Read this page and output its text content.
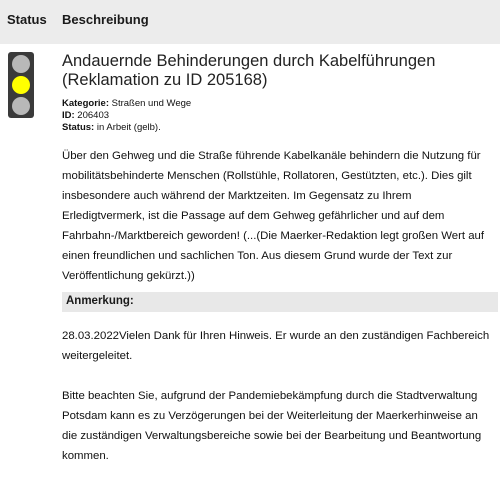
Status Beschreibung
Andauernde Behinderungen durch Kabelführungen (Reklamation zu ID 205168)
Kategorie: Straßen und Wege
ID: 206403
Status: in Arbeit (gelb).
Über den Gehweg und die Straße führende Kabelkanäle behindern die Nutzung für mobilitätsbehinderte Menschen (Rollstühle, Rollatoren, Gestützten, etc.). Dies gilt insbesondere auch während der Marktzeiten. Im Gegensatz zu Ihrem Erledigtvermerk, ist die Passage auf dem Gehweg gefährlicher und auf dem Fahrbahn-/Marktbereich geworden! (...(Die Maerker-Redaktion legt großen Wert auf einen freundlichen und sachlichen Ton. Aus diesem Grund wurde der Text zur Veröffentlichung gekürzt.))
Anmerkung:

28.03.2022Vielen Dank für Ihren Hinweis. Er wurde an den zuständigen Fachbereich weitergeleitet.

Bitte beachten Sie, aufgrund der Pandemiebekämpfung durch die Stadtverwaltung Potsdam kann es zu Verzögerungen bei der Weiterleitung der Maerkerhinweise an die zuständigen Verwaltungsbereiche sowie bei der Bearbeitung und Beantwortung kommen.
